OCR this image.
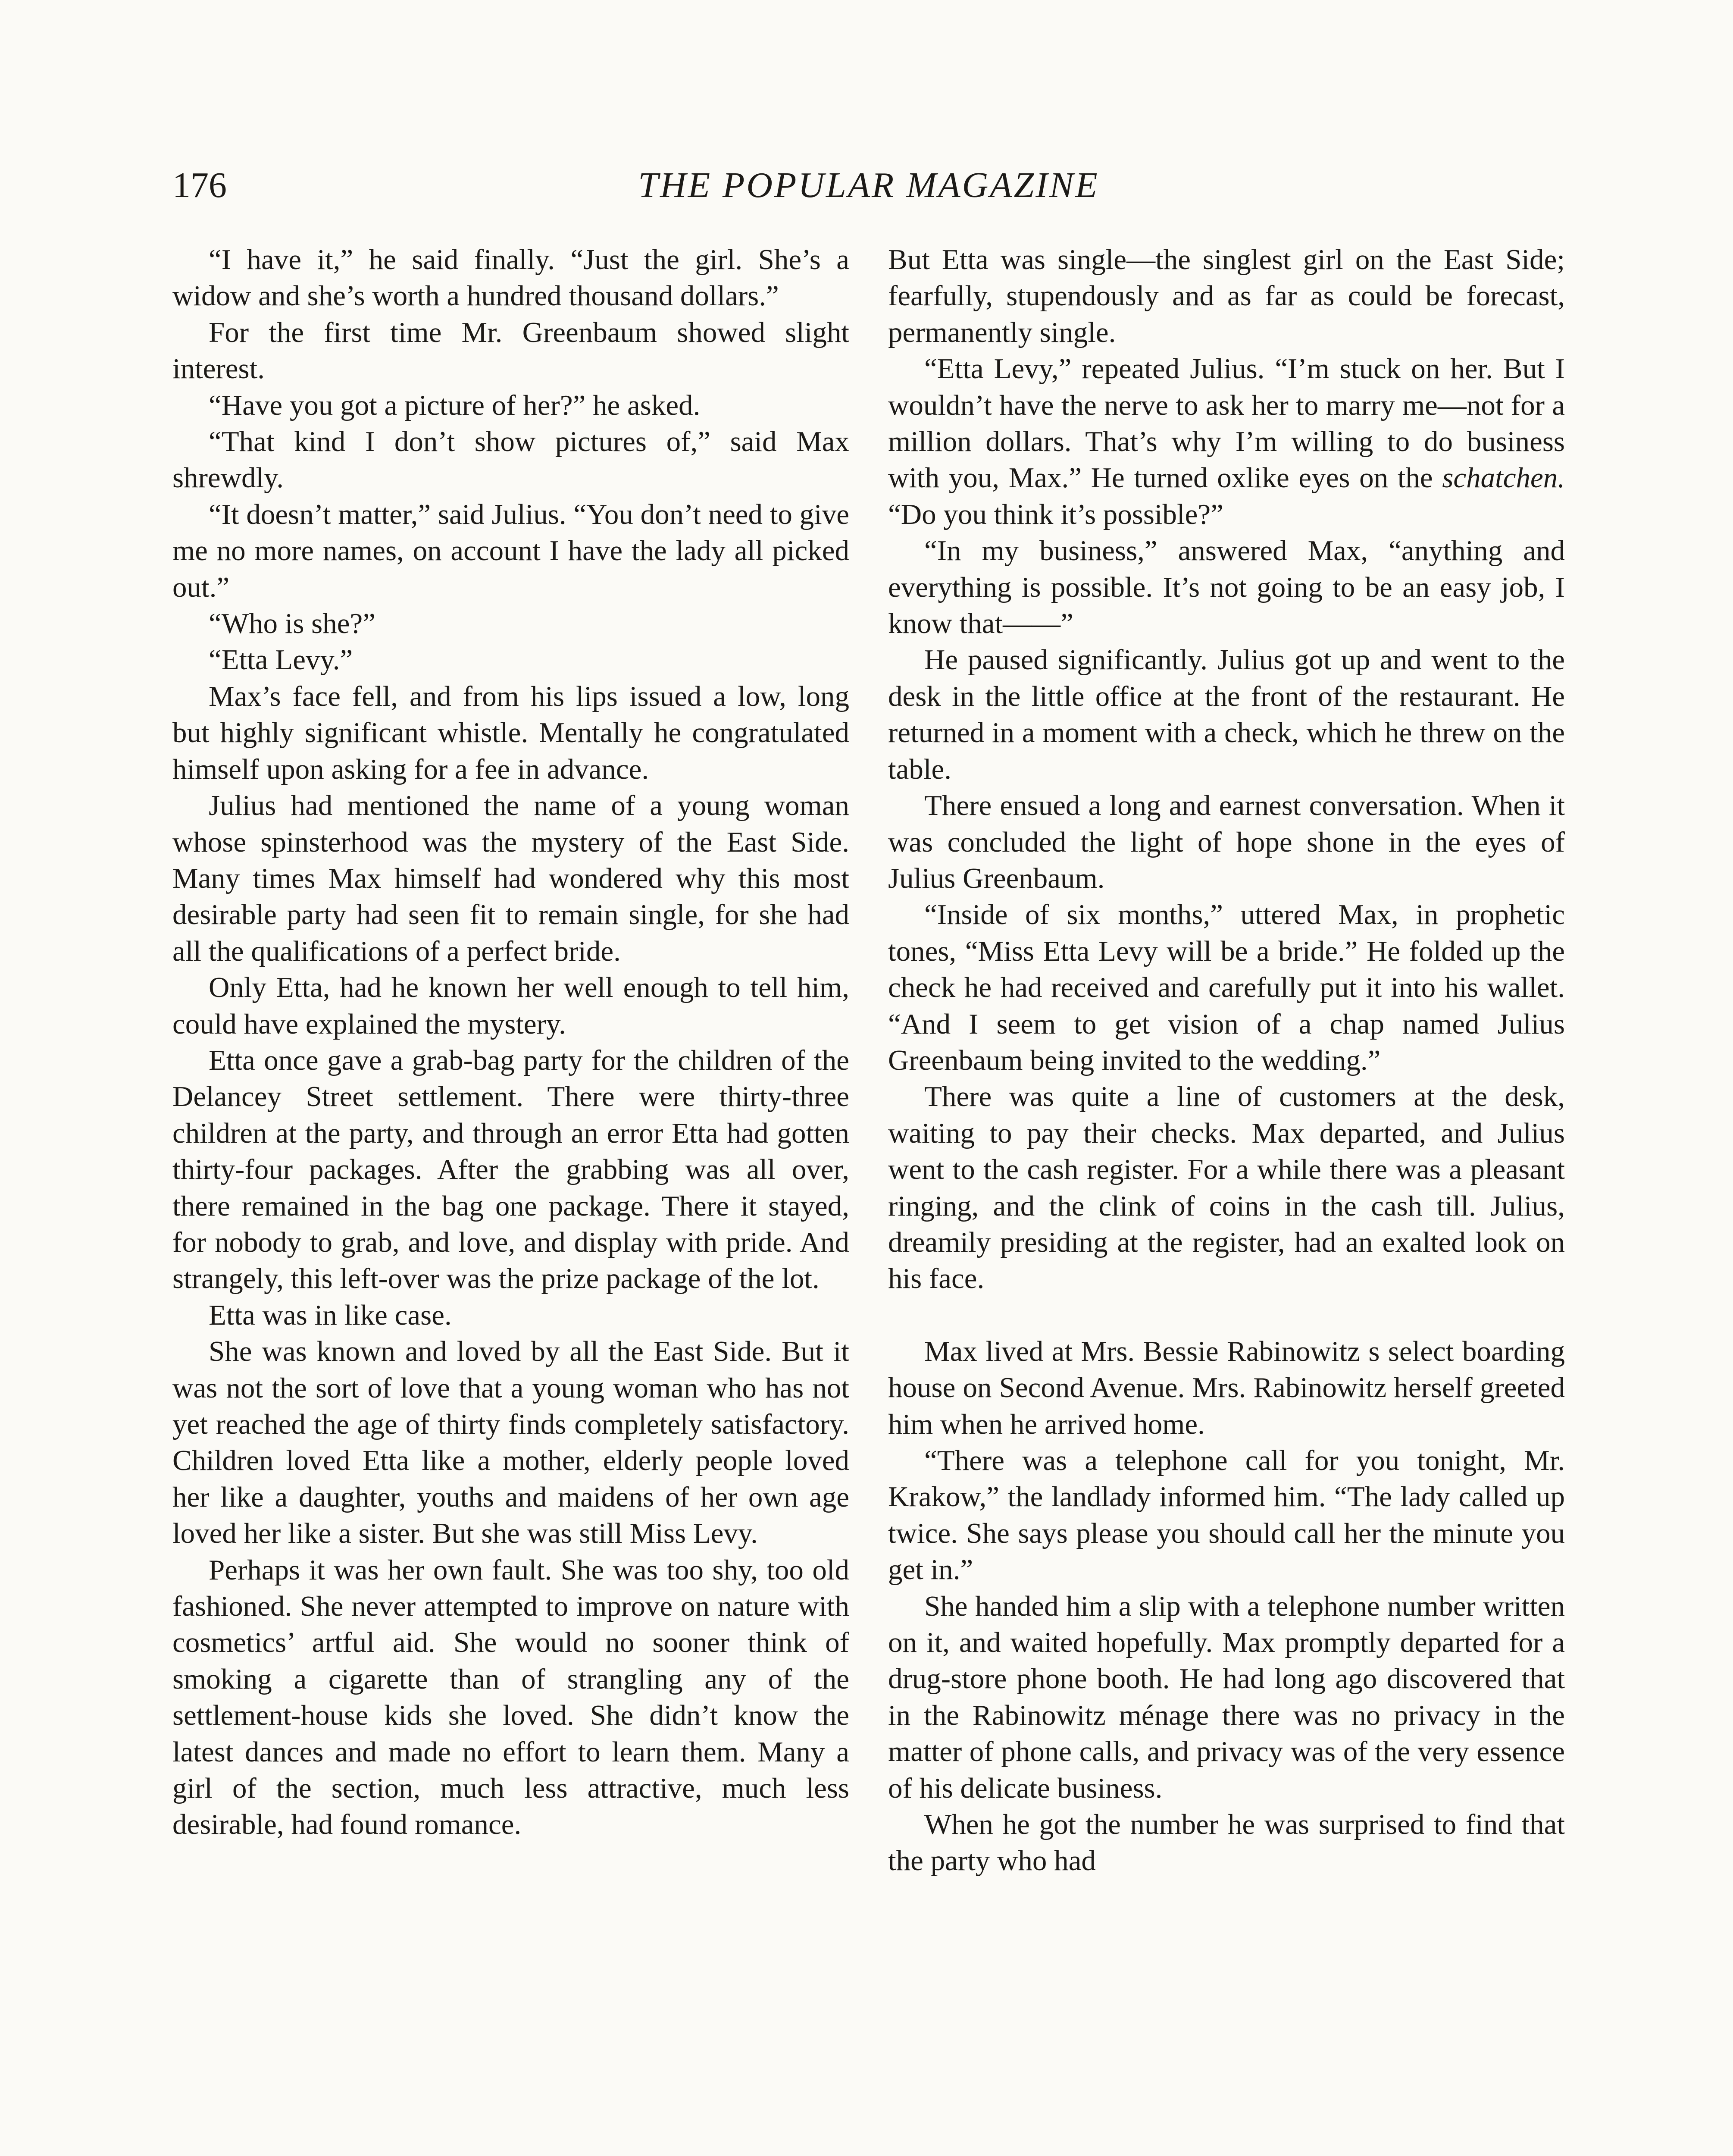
176	THE POPULAR MAGAZINE

“I have it,” he said finally. “Just the girl. She’s a widow and she’s worth a hundred thousand dollars.”

For the first time Mr. Greenbaum showed slight interest.

“Have you got a picture of her?” he asked.

“That kind I don’t show pictures of,” said Max shrewdly.

“It doesn’t matter,” said Julius. “You don’t need to give me no more names, on account I have the lady all picked out.”

“Who is she?”

“Etta Levy.”

Max’s face fell, and from his lips issued a low, long but highly significant whistle. Mentally he congratulated himself upon asking for a fee in advance.

Julius had mentioned the name of a young woman whose spinsterhood was the mystery of the East Side. Many times Max himself had wondered why this most desirable party had seen fit to remain single, for she had all the qualifications of a perfect bride.

Only Etta, had he known her well enough to tell him, could have explained the mystery.

Etta once gave a grab-bag party for the children of the Delancey Street settlement. There were thirty-three children at the party, and through an error Etta had gotten thirty-four packages. After the grabbing was all over, there remained in the bag one package. There it stayed, for nobody to grab, and love, and display with pride. And strangely, this left-over was the prize package of the lot.

Etta was in like case.

She was known and loved by all the East Side. But it was not the sort of love that a young woman who has not yet reached the age of thirty finds completely satisfactory. Children loved Etta like a mother, elderly people loved her like a daughter, youths and maidens of her own age loved her like a sister. But she was still Miss Levy.

Perhaps it was her own fault. She was too shy, too old fashioned. She never attempted to improve on nature with cosmetics’ artful aid. She would no sooner think of smoking a cigarette than of strangling any of the settlement-house kids she loved. She didn’t know the latest dances and made no effort to learn them. Many a girl of the section, much less attractive, much less desirable, had found romance.

But Etta was single—the singlest girl on the East Side; fearfully, stupendously and as far as could be forecast, permanently single.

“Etta Levy,” repeated Julius. “I’m stuck on her. But I wouldn’t have the nerve to ask her to marry me—not for a million dollars. That’s why I’m willing to do business with you, Max.” He turned oxlike eyes on the schatchen. “Do you think it’s possible?”

“In my business,” answered Max, “anything and everything is possible. It’s not going to be an easy job, I know that——”

He paused significantly. Julius got up and went to the desk in the little office at the front of the restaurant. He returned in a moment with a check, which he threw on the table.

There ensued a long and earnest conversation. When it was concluded the light of hope shone in the eyes of Julius Greenbaum.

“Inside of six months,” uttered Max, in prophetic tones, “Miss Etta Levy will be a bride.” He folded up the check he had received and carefully put it into his wallet. “And I seem to get vision of a chap named Julius Greenbaum being invited to the wedding.”

There was quite a line of customers at the desk, waiting to pay their checks. Max departed, and Julius went to the cash register. For a while there was a pleasant ringing, and the clink of coins in the cash till. Julius, dreamily presiding at the register, had an exalted look on his face.

Max lived at Mrs. Bessie Rabinowitz s select boarding house on Second Avenue. Mrs. Rabinowitz herself greeted him when he arrived home.

“There was a telephone call for you tonight, Mr. Krakow,” the landlady informed him. “The lady called up twice. She says please you should call her the minute you get in.”

She handed him a slip with a telephone number written on it, and waited hopefully. Max promptly departed for a drug-store phone booth. He had long ago discovered that in the Rabinowitz ménage there was no privacy in the matter of phone calls, and privacy was of the very essence of his delicate business.

When he got the number he was surprised to find that the party who had
